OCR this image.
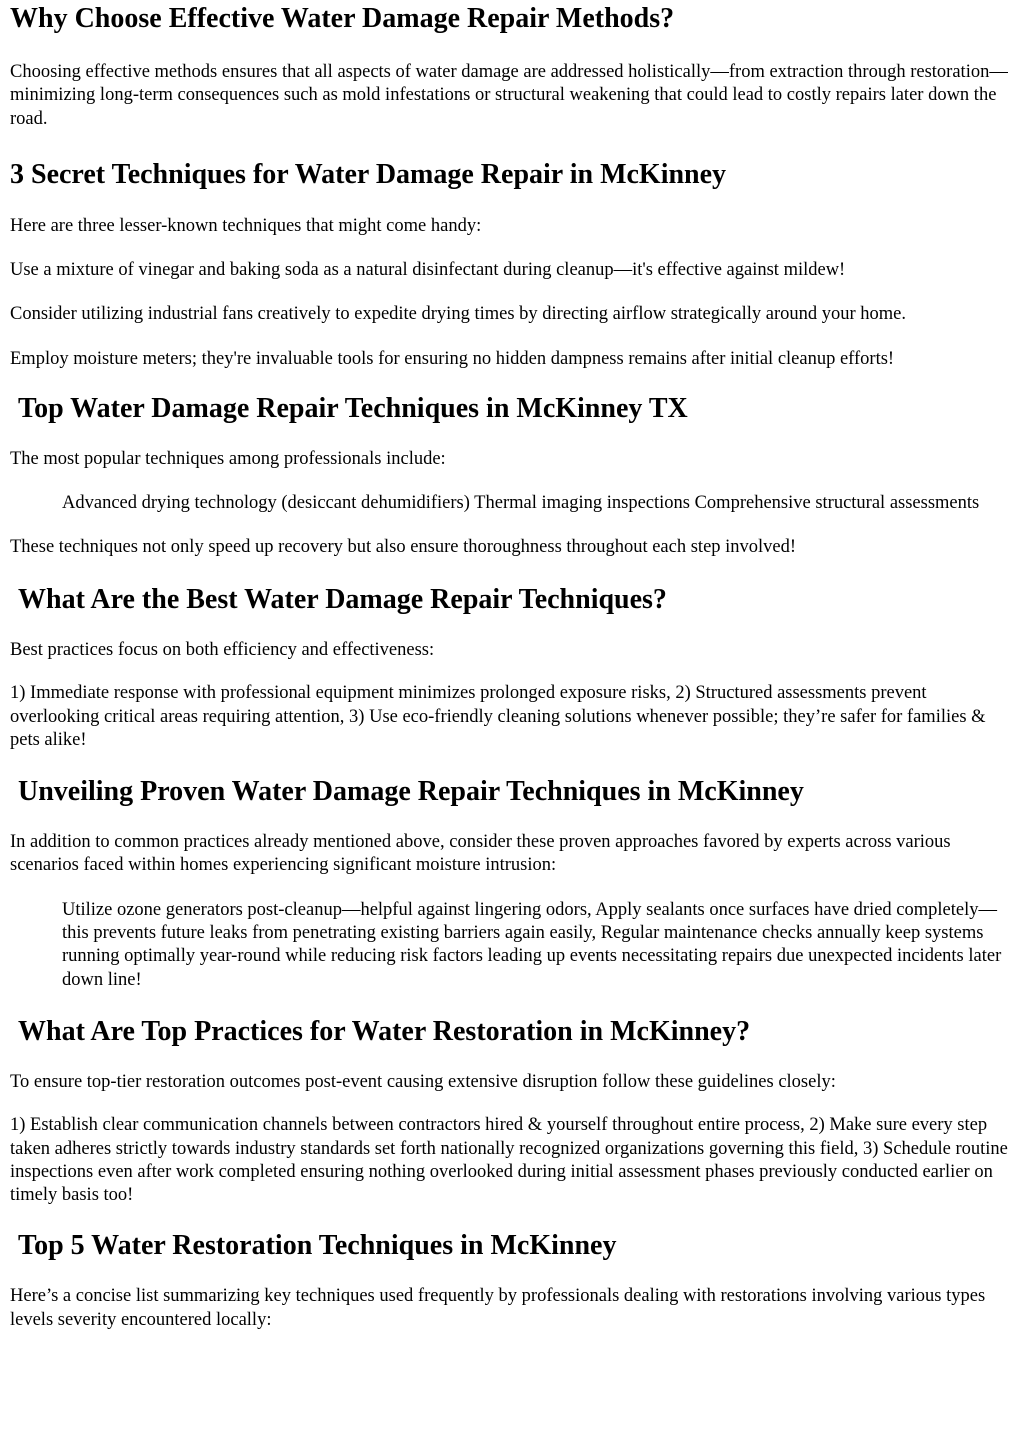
Why Choose Effective Water Damage Repair Methods?

Choosing effective methods ensures that all aspects of water damage are addressed holistically—from extraction through restoration—minimizing long-term consequences such as mold infestations or structural weakening that could lead to costly repairs later down the road.

3 Secret Techniques for Water Damage Repair in McKinney

Here are three lesser-known techniques that might come handy:

Use a mixture of vinegar and baking soda as a natural disinfectant during cleanup—it's effective against mildew!

Consider utilizing industrial fans creatively to expedite drying times by directing airflow strategically around your home.

Employ moisture meters; they're invaluable tools for ensuring no hidden dampness remains after initial cleanup efforts!

Top Water Damage Repair Techniques in McKinney TX

The most popular techniques among professionals include:

Advanced drying technology (desiccant dehumidifiers) Thermal imaging inspections Comprehensive structural assessments

These techniques not only speed up recovery but also ensure thoroughness throughout each step involved!

What Are the Best Water Damage Repair Techniques?

Best practices focus on both efficiency and effectiveness:

1) Immediate response with professional equipment minimizes prolonged exposure risks, 2) Structured assessments prevent overlooking critical areas requiring attention, 3) Use eco-friendly cleaning solutions whenever possible; they’re safer for families & pets alike!

Unveiling Proven Water Damage Repair Techniques in McKinney

In addition to common practices already mentioned above, consider these proven approaches favored by experts across various scenarios faced within homes experiencing significant moisture intrusion:

Utilize ozone generators post-cleanup—helpful against lingering odors, Apply sealants once surfaces have dried completely—this prevents future leaks from penetrating existing barriers again easily, Regular maintenance checks annually keep systems running optimally year-round while reducing risk factors leading up events necessitating repairs due unexpected incidents later down line!
What Are Top Practices for Water Restoration in McKinney?

To ensure top-tier restoration outcomes post-event causing extensive disruption follow these guidelines closely:

1) Establish clear communication channels between contractors hired & yourself throughout entire process, 2) Make sure every step taken adheres strictly towards industry standards set forth nationally recognized organizations governing this field, 3) Schedule routine inspections even after work completed ensuring nothing overlooked during initial assessment phases previously conducted earlier on timely basis too!

Top 5 Water Restoration Techniques in McKinney

Here’s a concise list summarizing key techniques used frequently by professionals dealing with restorations involving various types levels severity encountered locally:
